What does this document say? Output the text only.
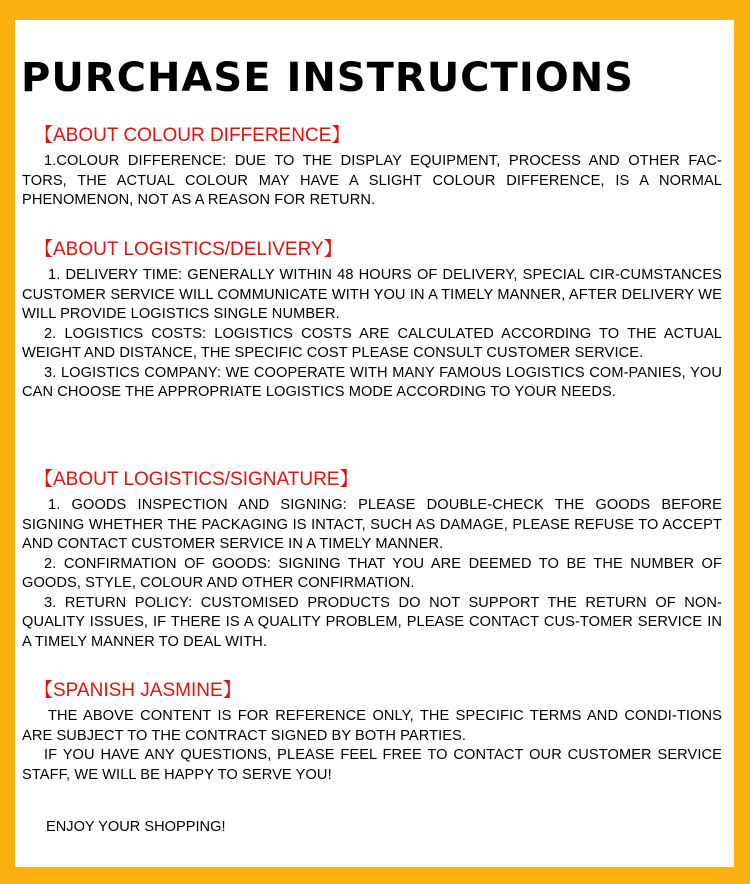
PURCHASE INSTRUCTIONS
【ABOUT COLOUR DIFFERENCE】

1.COLOUR DIFFERENCE: DUE TO THE DISPLAY EQUIPMENT, PROCESS AND OTHER FAC-TORS, THE ACTUAL COLOUR MAY HAVE A SLIGHT COLOUR DIFFERENCE, IS A NORMAL PHENOMENON, NOT AS A REASON FOR RETURN.

【ABOUT LOGISTICS/DELIVERY】

1. DELIVERY TIME: GENERALLY WITHIN 48 HOURS OF DELIVERY, SPECIAL CIR-CUMSTANCES CUSTOMER SERVICE WILL COMMUNICATE WITH YOU IN A TIMELY MANNER, AFTER DELIVERY WE WILL PROVIDE LOGISTICS SINGLE NUMBER.

2. LOGISTICS COSTS: LOGISTICS COSTS ARE CALCULATED ACCORDING TO THE ACTUAL WEIGHT AND DISTANCE, THE SPECIFIC COST PLEASE CONSULT CUSTOMER SERVICE.

3. LOGISTICS COMPANY: WE COOPERATE WITH MANY FAMOUS LOGISTICS COM-PANIES, YOU CAN CHOOSE THE APPROPRIATE LOGISTICS MODE ACCORDING TO YOUR NEEDS.

【ABOUT LOGISTICS/SIGNATURE】

1. GOODS INSPECTION AND SIGNING: PLEASE DOUBLE-CHECK THE GOODS BEFORE SIGNING WHETHER THE PACKAGING IS INTACT, SUCH AS DAMAGE, PLEASE REFUSE TO ACCEPT AND CONTACT CUSTOMER SERVICE IN A TIMELY MANNER.

2. CONFIRMATION OF GOODS: SIGNING THAT YOU ARE DEEMED TO BE THE NUMBER OF GOODS, STYLE, COLOUR AND OTHER CONFIRMATION.

3. RETURN POLICY: CUSTOMISED PRODUCTS DO NOT SUPPORT THE RETURN OF NON-QUALITY ISSUES, IF THERE IS A QUALITY PROBLEM, PLEASE CONTACT CUS-TOMER SERVICE IN A TIMELY MANNER TO DEAL WITH.

【SPANISH JASMINE】

THE ABOVE CONTENT IS FOR REFERENCE ONLY, THE SPECIFIC TERMS AND CONDI-TIONS ARE SUBJECT TO THE CONTRACT SIGNED BY BOTH PARTIES.

IF YOU HAVE ANY QUESTIONS, PLEASE FEEL FREE TO CONTACT OUR CUSTOMER SERVICE STAFF, WE WILL BE HAPPY TO SERVE YOU!

ENJOY YOUR SHOPPING!
